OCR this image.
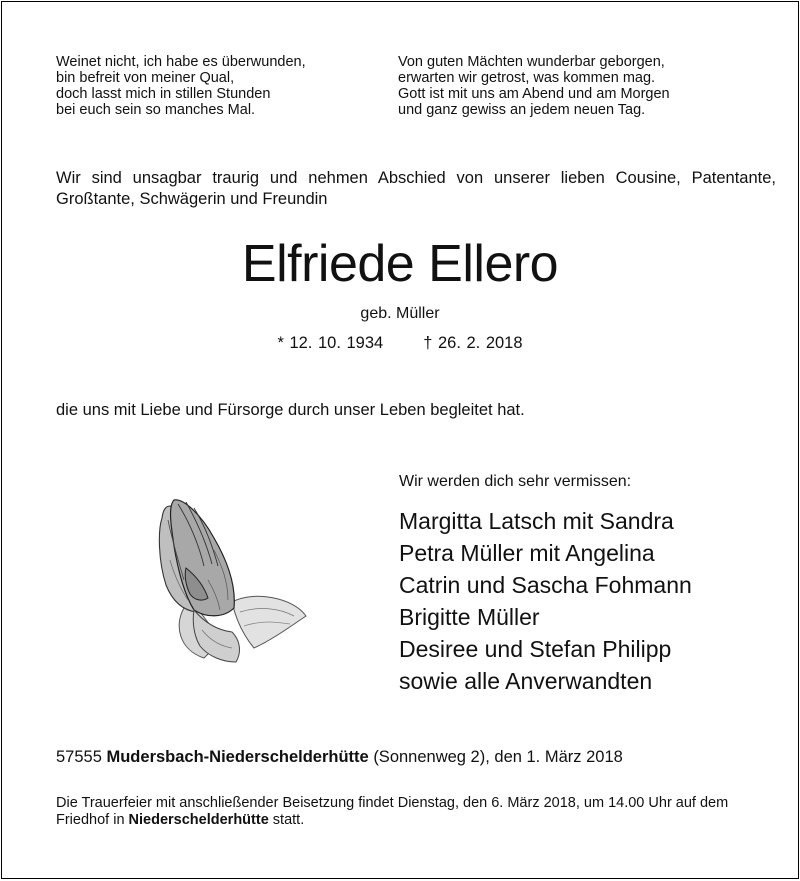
Weinet nicht, ich habe es überwunden,
bin befreit von meiner Qual,
doch lasst mich in stillen Stunden
bei euch sein so manches Mal.
Von guten Mächten wunderbar geborgen,
erwarten wir getrost, was kommen mag.
Gott ist mit uns am Abend und am Morgen
und ganz gewiss an jedem neuen Tag.
Wir sind unsagbar traurig und nehmen Abschied von unserer lieben Cousine, Patentante, Großtante, Schwägerin und Freundin
Elfriede Ellero
geb. Müller
* 12. 10. 1934 † 26. 2. 2018
die uns mit Liebe und Fürsorge durch unser Leben begleitet hat.
Wir werden dich sehr vermissen:
Margitta Latsch mit Sandra
Petra Müller mit Angelina
Catrin und Sascha Fohmann
Brigitte Müller
Desiree und Stefan Philipp
sowie alle Anverwandten
57555 Mudersbach-Niederschelderhütte (Sonnenweg 2), den 1. März 2018
Die Trauerfeier mit anschließender Beisetzung findet Dienstag, den 6. März 2018, um 14.00 Uhr auf dem Friedhof in Niederschelderhütte statt.
